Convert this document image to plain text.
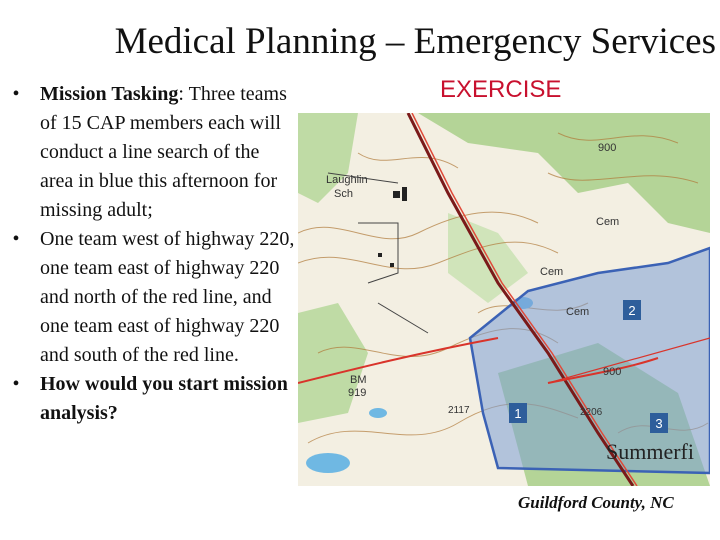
Medical Planning – Emergency Services
•	Mission Tasking: Three teams of 15 CAP members each will conduct a line search of the area in blue this afternoon for missing adult;
•	One team west of highway 220, one team east of highway 220 and north of the red line, and one team east of highway 220 and south of the red line.
•	How would you start mission analysis?
EXERCISE
Laughlin
Sch
Cem
Cem
Cem
BM
919
900
900
2117	2206
Summerfi
1
2
3
Guildford County, NC
